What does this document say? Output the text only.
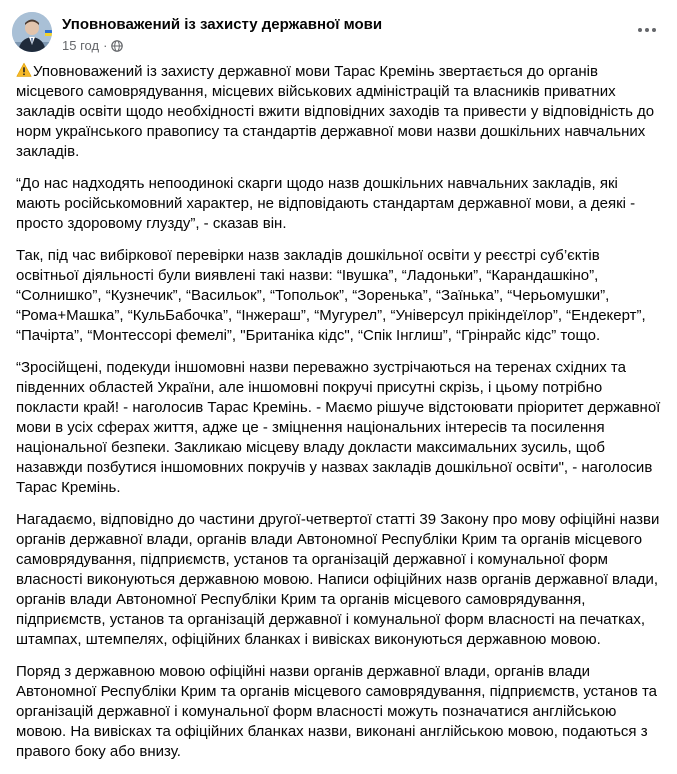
Уповноважений із захисту державної мови
15 год ·

Уповноважений із захисту державної мови Тарас Кремінь звертається до органів місцевого самоврядування, місцевих військових адміністрацій та власників приватних закладів освіти щодо необхідності вжити відповідних заходів та привести у відповідність до норм українського правопису та стандартів державної мови назви дошкільних навчальних закладів.

“До нас надходять непоодинокі скарги щодо назв дошкільних навчальних закладів, які мають російськомовний характер, не відповідають стандартам державної мови, а деякі - просто здоровому глузду”, - сказав він.

Так, під час вибіркової перевірки назв закладів дошкільної освіти у реєстрі суб’єктів освітньої діяльності були виявлені такі назви: “Івушка”, “Ладоньки”, “Карандашкіно”, “Солнишко”, “Кузнечик”, “Васильок”, “Топольок”, “Зоренька”, “Заїнька”, “Черьомушки”, “Рома+Машка”, “КульБабочка”, “Інжераш”, “Мугурел”, “Універсул прікіндеїлор”, “Ендекерт”, “Пачірта”, “Монтессорі фемелі”, "Британіка кідс", “Спік Інглиш”, “Грінрайс кідс” тощо.

“Зросійщені, подекуди іншомовні назви переважно зустрічаються на теренах східних та південних областей України, але іншомовні покручі присутні скрізь, і цьому потрібно покласти край! - наголосив Тарас Кремінь. - Маємо рішуче відстоювати пріоритет державної мови в усіх сферах життя, адже це - зміцнення національних інтересів та посилення національної безпеки. Закликаю місцеву владу докласти максимальних зусиль, щоб назавжди позбутися іншомовних покручів у назвах закладів дошкільної освіти", - наголосив Тарас Кремінь.

Нагадаємо, відповідно до частини другої-четвертої статті 39 Закону про мову офіційні назви органів державної влади, органів влади Автономної Республіки Крим та органів місцевого самоврядування, підприємств, установ та організацій державної і комунальної форм власності виконуються державною мовою. Написи офіційних назв органів державної влади, органів влади Автономної Республіки Крим та органів місцевого самоврядування, підприємств, установ та організацій державної і комунальної форм власності на печатках, штампах, штемпелях, офіційних бланках і вивісках виконуються державною мовою.

Поряд з державною мовою офіційні назви органів державної влади, органів влади Автономної Республіки Крим та органів місцевого самоврядування, підприємств, установ та організацій державної і комунальної форм власності можуть позначатися англійською мовою. На вивісках та офіційних бланках назви, виконані англійською мовою, подаються з правого боку або внизу.
